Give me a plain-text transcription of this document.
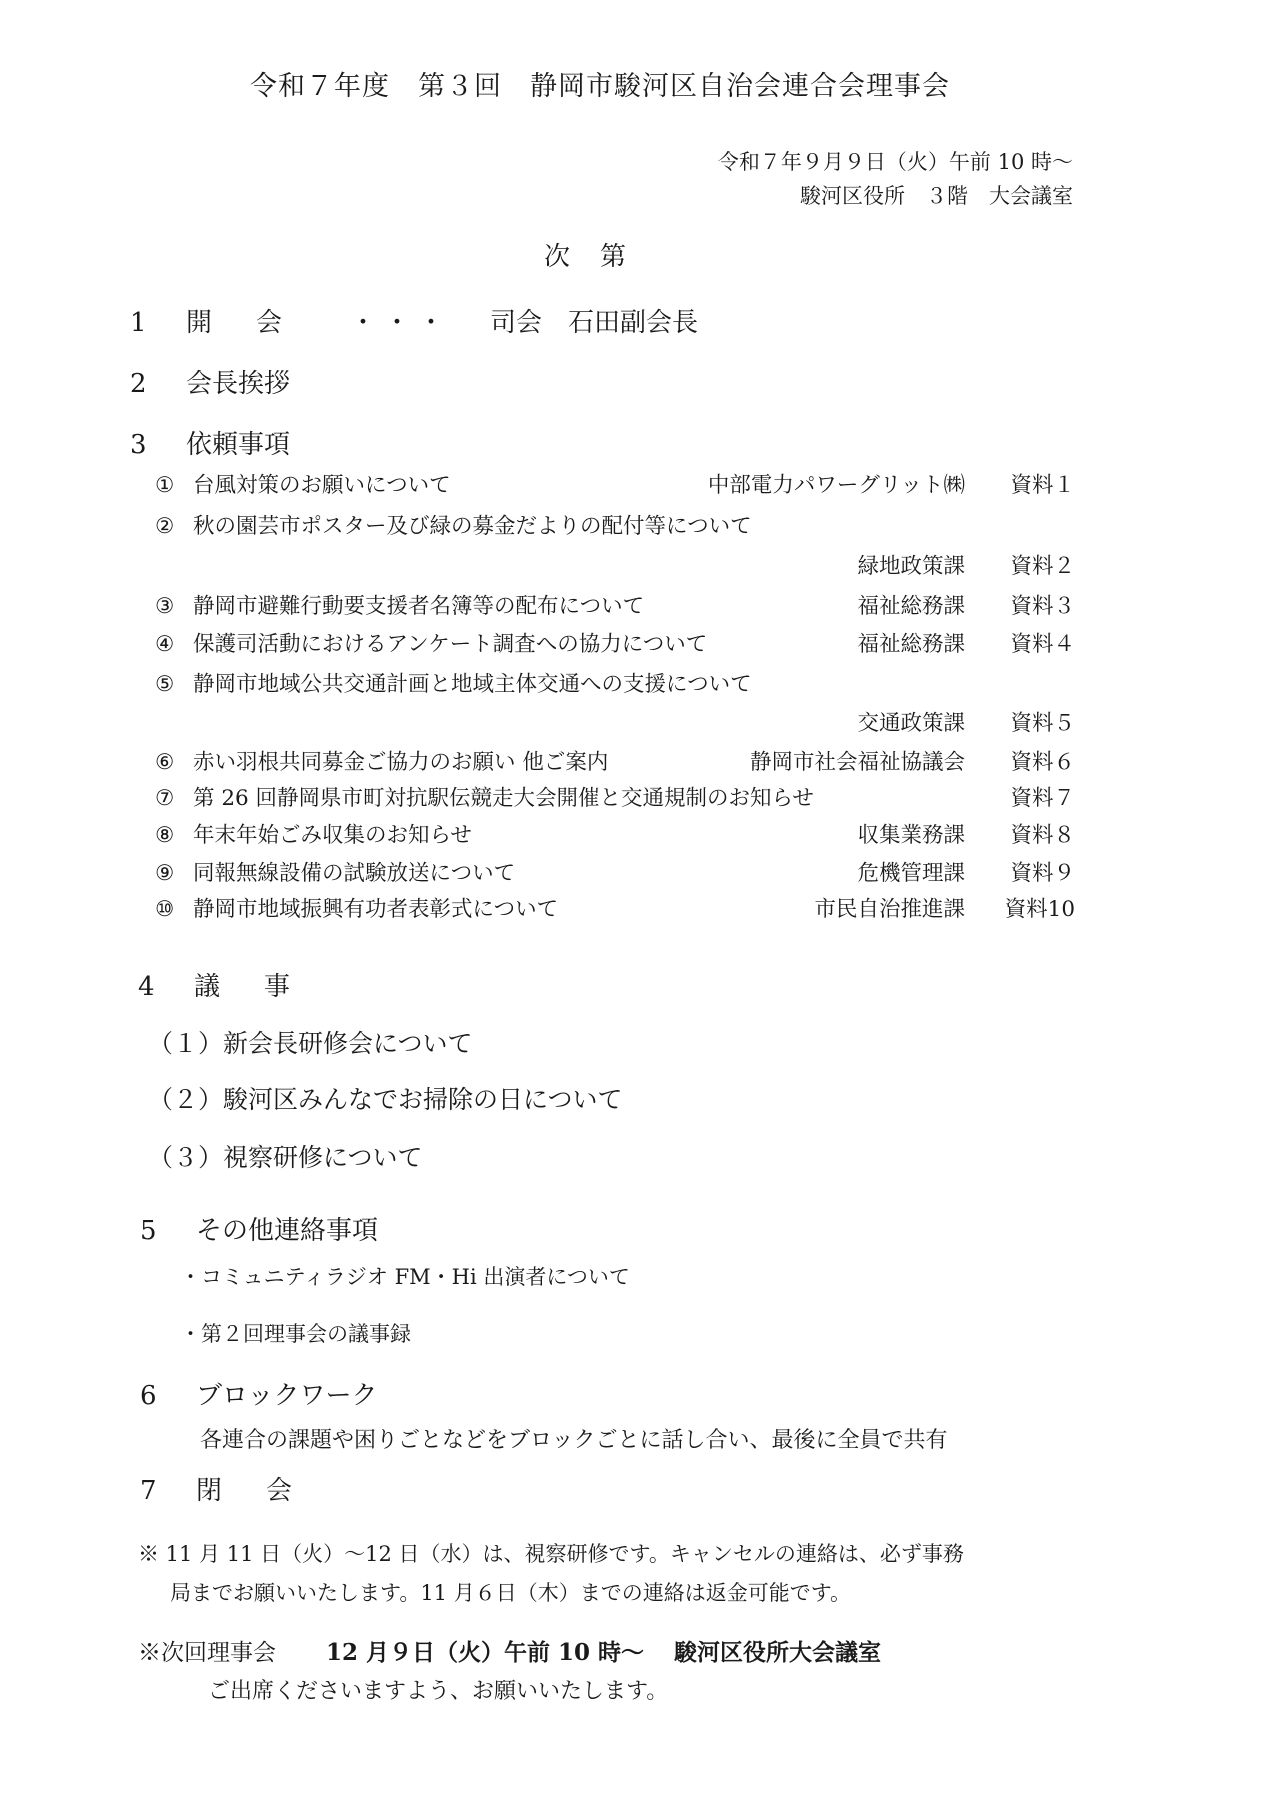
令和７年度　第３回　静岡市駿河区自治会連合会理事会
令和７年９月９日（火）午前 10 時～
駿河区役所　３階　大会議室
次第
1 開会 ・・・ 司会　石田副会長
2 会長挨拶
3 依頼事項
① 台風対策のお願いについて	中部電力パワーグリット㈱ 資料１
② 秋の園芸市ポスター及び緑の募金だよりの配付等について
緑地政策課 資料２
③ 静岡市避難行動要支援者名簿等の配布について	福祉総務課 資料３
④ 保護司活動におけるアンケート調査への協力について	福祉総務課 資料４
⑤ 静岡市地域公共交通計画と地域主体交通への支援について
交通政策課 資料５
⑥ 赤い羽根共同募金ご協力のお願い 他ご案内	静岡市社会福祉協議会 資料６
⑦ 第 26 回静岡県市町対抗駅伝競走大会開催と交通規制のお知らせ	資料７
⑧ 年末年始ごみ収集のお知らせ	収集業務課 資料８
⑨ 同報無線設備の試験放送について	危機管理課 資料９
⑩ 静岡市地域振興有功者表彰式について	市民自治推進課 資料10
4 議事
（１）新会長研修会について
（２）駿河区みんなでお掃除の日について
（３）視察研修について
5 その他連絡事項
・コミュニティラジオ FM・Hi 出演者について
・第２回理事会の議事録
6 ブロックワーク
各連合の課題や困りごとなどをブロックごとに話し合い、最後に全員で共有
7 閉会
※ 11 月 11 日（火）～12 日（水）は、視察研修です。キャンセルの連絡は、必ず事務
局までお願いいたします。11 月６日（木）までの連絡は返金可能です。
※次回理事会 12 月９日（火）午前 10 時～ 駿河区役所大会議室
ご出席くださいますよう、お願いいたします。
